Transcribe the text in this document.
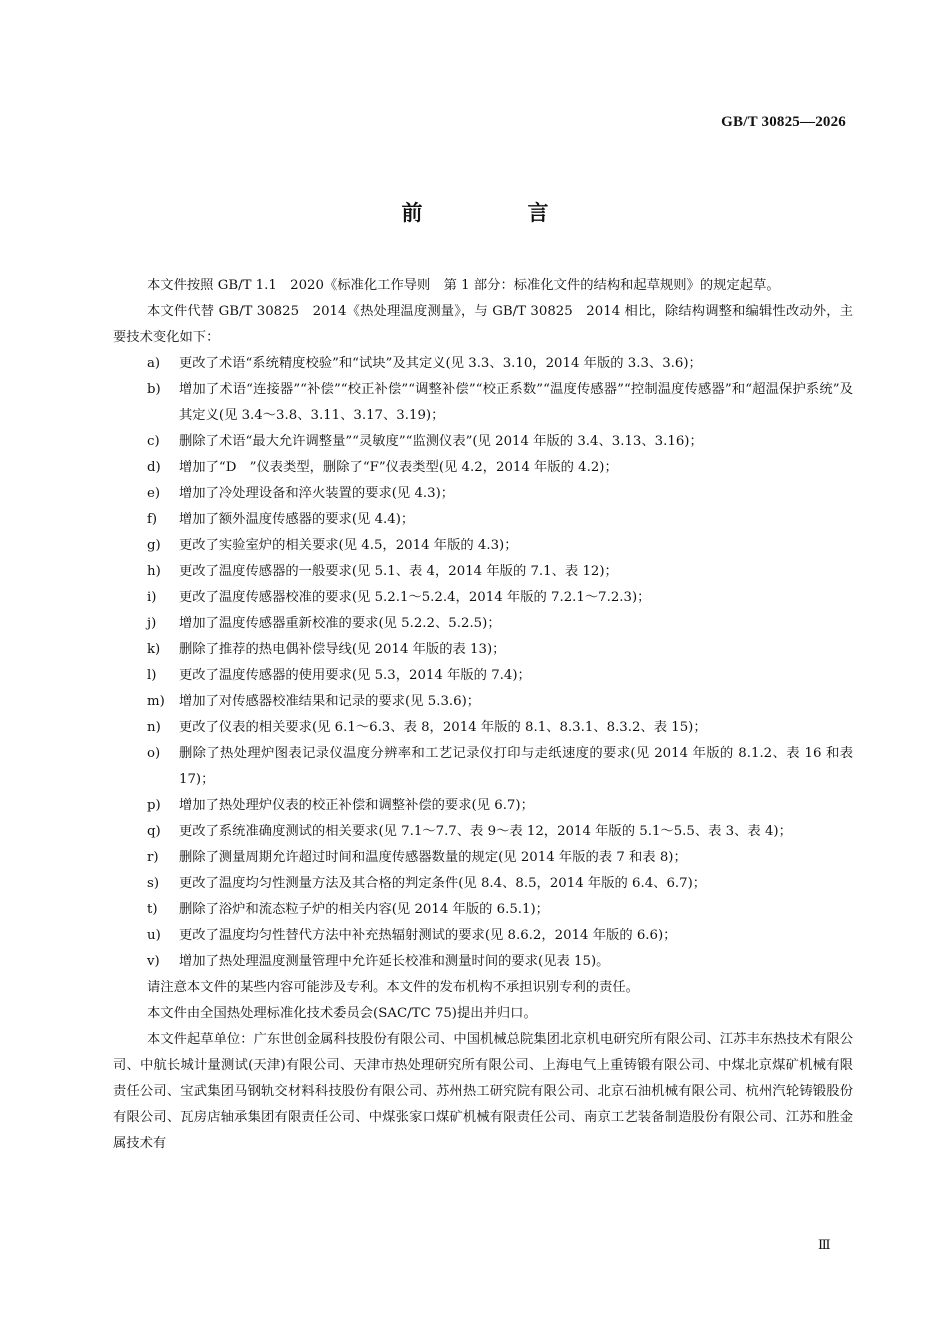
GB/T 30825—2026
前　言

本文件按照 GB/T 1.1　2020《标准化工作导则　第 1 部分：标准化文件的结构和起草规则》的规定起草。

本文件代替 GB/T 30825　2014《热处理温度测量》，与 GB/T 30825　2014 相比，除结构调整和编辑性改动外，主要技术变化如下：

a) 更改了术语“系统精度校验”和“试块”及其定义(见 3.3、3.10，2014 年版的 3.3、3.6)；

b) 增加了术语“连接器”“补偿”“校正补偿”“调整补偿”“校正系数”“温度传感器”“控制温度传感器”和“超温保护系统”及其定义(见 3.4～3.8、3.11、3.17、3.19)；

c) 删除了术语“最大允许调整量”“灵敏度”“监测仪表”(见 2014 年版的 3.4、3.13、3.16)；

d) 增加了“D　”仪表类型，删除了“F”仪表类型(见 4.2，2014 年版的 4.2)；

e) 增加了冷处理设备和淬火装置的要求(见 4.3)；

f) 增加了额外温度传感器的要求(见 4.4)；

g) 更改了实验室炉的相关要求(见 4.5，2014 年版的 4.3)；

h) 更改了温度传感器的一般要求(见 5.1、表 4，2014 年版的 7.1、表 12)；

i) 更改了温度传感器校准的要求(见 5.2.1～5.2.4，2014 年版的 7.2.1～7.2.3)；

j) 增加了温度传感器重新校准的要求(见 5.2.2、5.2.5)；

k) 删除了推荐的热电偶补偿导线(见 2014 年版的表 13)；

l) 更改了温度传感器的使用要求(见 5.3，2014 年版的 7.4)；

m) 增加了对传感器校准结果和记录的要求(见 5.3.6)；

n) 更改了仪表的相关要求(见 6.1～6.3、表 8，2014 年版的 8.1、8.3.1、8.3.2、表 15)；

o) 删除了热处理炉图表记录仪温度分辨率和工艺记录仪打印与走纸速度的要求(见 2014 年版的 8.1.2、表 16 和表 17)；

p) 增加了热处理炉仪表的校正补偿和调整补偿的要求(见 6.7)；

q) 更改了系统准确度测试的相关要求(见 7.1～7.7、表 9～表 12，2014 年版的 5.1～5.5、表 3、表 4)；

r) 删除了测量周期允许超过时间和温度传感器数量的规定(见 2014 年版的表 7 和表 8)；

s) 更改了温度均匀性测量方法及其合格的判定条件(见 8.4、8.5，2014 年版的 6.4、6.7)；

t) 删除了浴炉和流态粒子炉的相关内容(见 2014 年版的 6.5.1)；

u) 更改了温度均匀性替代方法中补充热辐射测试的要求(见 8.6.2，2014 年版的 6.6)；

v) 增加了热处理温度测量管理中允许延长校准和测量时间的要求(见表 15)。

请注意本文件的某些内容可能涉及专利。本文件的发布机构不承担识别专利的责任。

本文件由全国热处理标准化技术委员会(SAC/TC 75)提出并归口。

本文件起草单位：广东世创金属科技股份有限公司、中国机械总院集团北京机电研究所有限公司、江苏丰东热技术有限公司、中航长城计量测试(天津)有限公司、天津市热处理研究所有限公司、上海电气上重铸锻有限公司、中煤北京煤矿机械有限责任公司、宝武集团马钢轨交材料科技股份有限公司、苏州热工研究院有限公司、北京石油机械有限公司、杭州汽轮铸锻股份有限公司、瓦房店轴承集团有限责任公司、中煤张家口煤矿机械有限责任公司、南京工艺装备制造股份有限公司、江苏和胜金属技术有

Ⅲ
